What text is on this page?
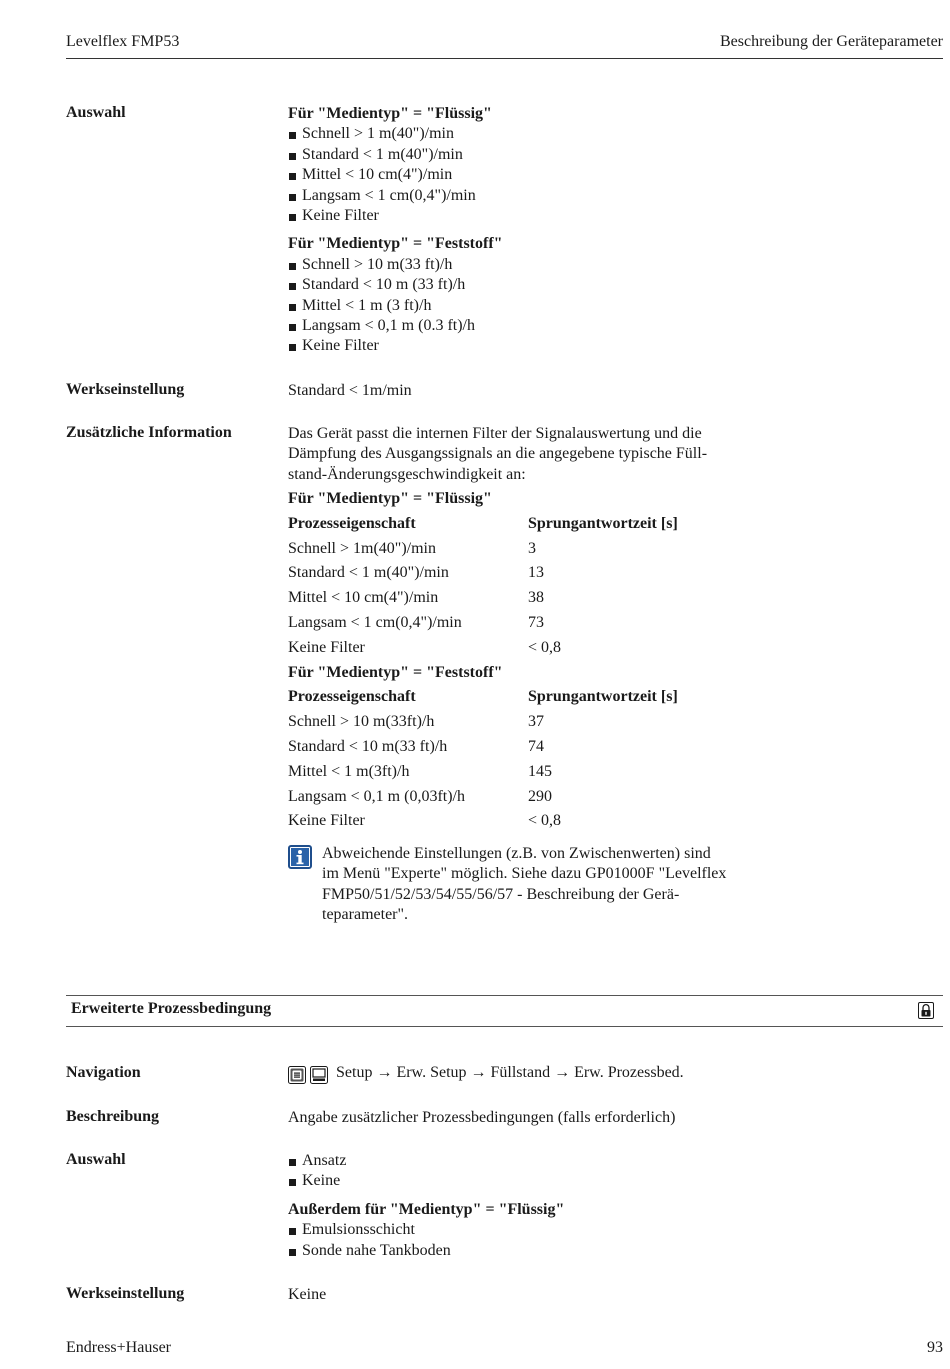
Levelflex FMP53	Beschreibung der Geräteparameter
Auswahl	Für "Medientyp" = "Flüssig"
Schnell > 1 m(40")/min
Standard < 1 m(40")/min
Mittel < 10 cm(4")/min
Langsam < 1 cm(0,4")/min
Keine Filter
Für "Medientyp" = "Feststoff"
Schnell > 10 m(33 ft)/h
Standard < 10 m (33 ft)/h
Mittel < 1 m (3 ft)/h
Langsam < 0,1 m (0.3 ft)/h
Keine Filter
Werkseinstellung	Standard < 1m/min
Zusätzliche Information	Das Gerät passt die internen Filter der Signalauswertung und die
Dämpfung des Ausgangssignals an die angegebene typische Füll-
stand-Änderungsgeschwindigkeit an:
Für "Medientyp" = "Flüssig"
Prozesseigenschaft	Sprungantwortzeit [s]
Schnell > 1m(40")/min	3
Standard < 1 m(40")/min	13
Mittel < 10 cm(4")/min	38
Langsam < 1 cm(0,4")/min	73
Keine Filter	< 0,8
Für "Medientyp" = "Feststoff"
Prozesseigenschaft	Sprungantwortzeit [s]
Schnell > 10 m(33ft)/h	37
Standard < 10 m(33 ft)/h	74
Mittel < 1 m(3ft)/h	145
Langsam < 0,1 m (0,03ft)/h	290
Keine Filter	< 0,8
Abweichende Einstellungen (z.B. von Zwischenwerten) sind
im Menü "Experte" möglich. Siehe dazu GP01000F "Levelflex
FMP50/51/52/53/54/55/56/57 - Beschreibung der Gerä-
teparameter".
Erweiterte Prozessbedingung
Navigation	Setup → Erw. Setup → Füllstand → Erw. Prozessbed.
Beschreibung	Angabe zusätzlicher Prozessbedingungen (falls erforderlich)
Auswahl	Ansatz
Keine
Außerdem für "Medientyp" = "Flüssig"
Emulsionsschicht
Sonde nahe Tankboden
Werkseinstellung	Keine
Endress+Hauser	93
